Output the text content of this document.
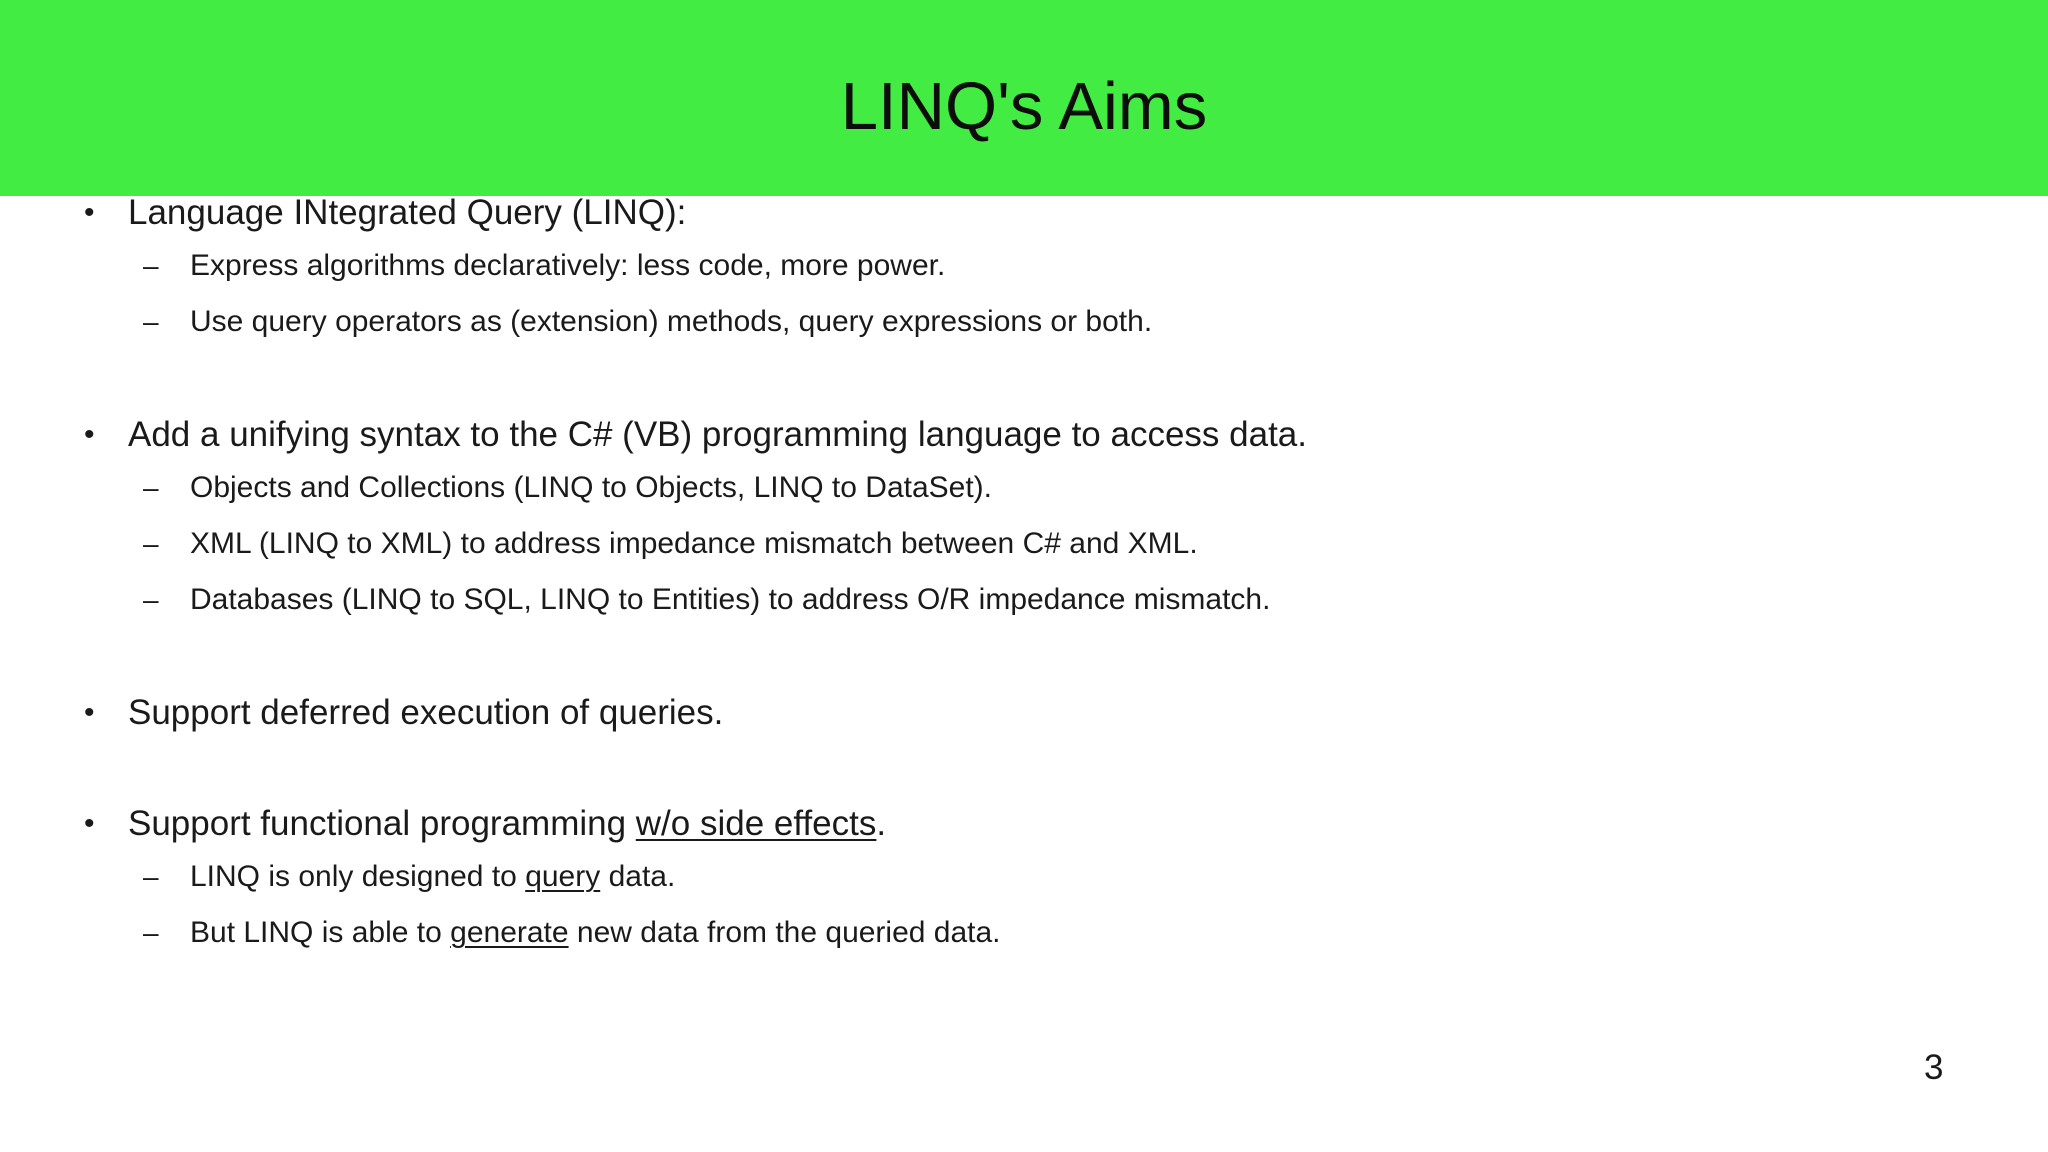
LINQ's Aims
• Language INtegrated Query (LINQ):
– Express algorithms declaratively: less code, more power.
– Use query operators as (extension) methods, query expressions or both.
• Add a unifying syntax to the C# (VB) programming language to access data.
– Objects and Collections (LINQ to Objects, LINQ to DataSet).
– XML (LINQ to XML) to address impedance mismatch between C# and XML.
– Databases (LINQ to SQL, LINQ to Entities) to address O/R impedance mismatch.
• Support deferred execution of queries.
• Support functional programming w/o side effects.
– LINQ is only designed to query data.
– But LINQ is able to generate new data from the queried data.
3
